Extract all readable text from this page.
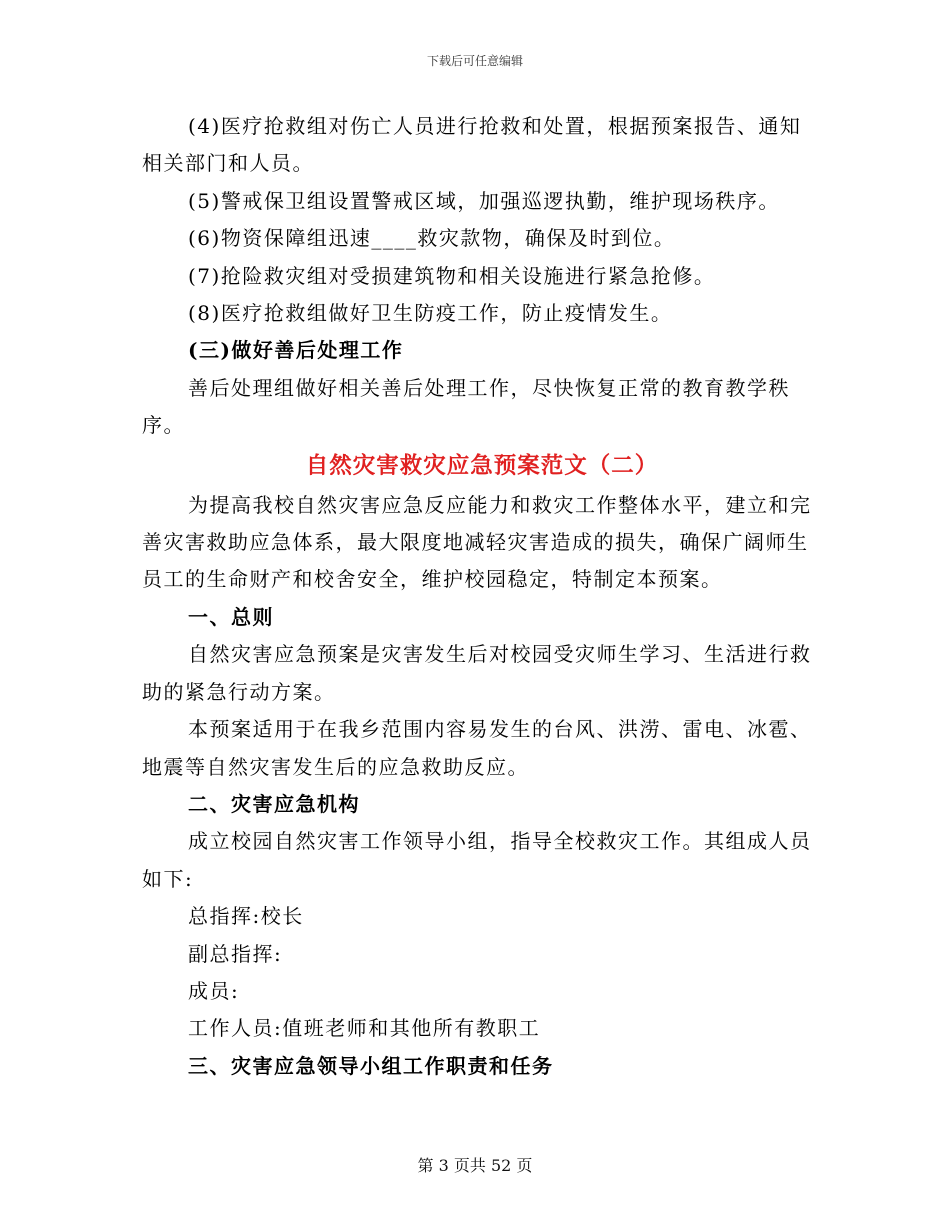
下载后可任意编辑

(4)医疗抢救组对伤亡人员进行抢救和处置，根据预案报告、通知相关部门和人员。

(5)警戒保卫组设置警戒区域，加强巡逻执勤，维护现场秩序。

(6)物资保障组迅速____救灾款物，确保及时到位。

(7)抢险救灾组对受损建筑物和相关设施进行紧急抢修。

(8)医疗抢救组做好卫生防疫工作，防止疫情发生。

(三)做好善后处理工作

善后处理组做好相关善后处理工作，尽快恢复正常的教育教学秩序。

自然灾害救灾应急预案范文（二）

为提高我校自然灾害应急反应能力和救灾工作整体水平，建立和完善灾害救助应急体系，最大限度地减轻灾害造成的损失，确保广阔师生员工的生命财产和校舍安全，维护校园稳定，特制定本预案。

一、总则

自然灾害应急预案是灾害发生后对校园受灾师生学习、生活进行救助的紧急行动方案。

本预案适用于在我乡范围内容易发生的台风、洪涝、雷电、冰雹、地震等自然灾害发生后的应急救助反应。

二、灾害应急机构

成立校园自然灾害工作领导小组，指导全校救灾工作。其组成人员如下:

总指挥:校长

副总指挥:

成员:

工作人员:值班老师和其他所有教职工

三、灾害应急领导小组工作职责和任务

第 3 页共 52 页
